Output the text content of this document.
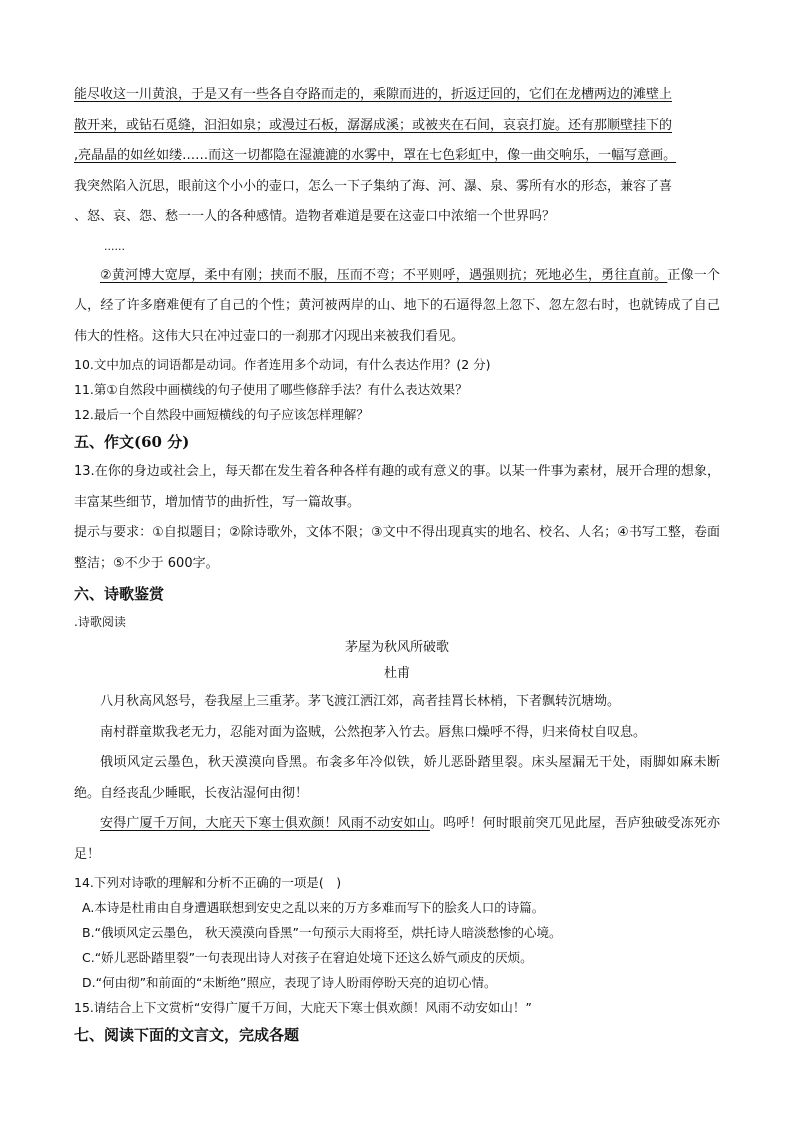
能尽收这一川黄浪，于是又有一些各自夺路而走的，乘隙而进的，折返迂回的，它们在龙槽两边的滩壁上

散开来，或钻石觅缝，汩汩如泉；或漫过石板，潺潺成溪；或被夹在石间，哀哀打旋。还有那顺壁挂下的

,亮晶晶的如丝如缕……而这一切都隐在湿漉漉的水雾中，罩在七色彩虹中，像一曲交响乐，一幅写意画。

我突然陷入沉思，眼前这个小小的壶口，怎么一下子集纳了海、河、瀑、泉、雾所有水的形态，兼容了喜

、怒、哀、怨、愁一一人的各种感情。造物者难道是要在这壶口中浓缩一个世界吗？

......

②黄河博大宽厚，柔中有刚；挟而不服，压而不弯；不平则呼，遇强则抗；死地必生，勇往直前。正像一个人，经了许多磨难便有了自己的个性；黄河被两岸的山、地下的石逼得忽上忽下、忽左忽右时，也就铸成了自己伟大的性格。这伟大只在冲过壶口的一刹那才闪现出来被我们看见。

10.文中加点的词语都是动词。作者连用多个动词，有什么表达作用？(2 分)

11.第①自然段中画横线的句子使用了哪些修辞手法？有什么表达效果？

12.最后一个自然段中画短横线的句子应该怎样理解？

五、作文(60 分)

13.在你的身边或社会上，每天都在发生着各种各样有趣的或有意义的事。以某一件事为素材，展开合理的想象，丰富某些细节，增加情节的曲折性，写一篇故事。

提示与要求：①自拟题目；②除诗歌外，文体不限；③文中不得出现真实的地名、校名、人名；④书写工整，卷面整洁；⑤不少于 600字。

六、诗歌鉴赏

.诗歌阅读

茅屋为秋风所破歌

杜甫

八月秋高风怒号，卷我屋上三重茅。茅飞渡江洒江郊，高者挂罥长林梢，下者飘转沉塘坳。

南村群童欺我老无力，忍能对面为盗贼，公然抱茅入竹去。唇焦口燥呼不得，归来倚杖自叹息。

俄顷风定云墨色，秋天漠漠向昏黑。布衾多年冷似铁，娇儿恶卧踏里裂。床头屋漏无干处，雨脚如麻未断绝。自经丧乱少睡眠，长夜沾湿何由彻！

安得广厦千万间，大庇天下寒士俱欢颜！风雨不动安如山。呜呼！何时眼前突兀见此屋，吾庐独破受冻死亦足！

14.下列对诗歌的理解和分析不正确的一项是(　)

A.本诗是杜甫由自身遭遇联想到安史之乱以来的万方多难而写下的脍炙人口的诗篇。

B.“俄顷风定云墨色， 秋天漠漠向昏黑”一句预示大雨将至，烘托诗人暗淡愁惨的心境。

C.“娇儿恶卧踏里裂”一句表现出诗人对孩子在窘迫处境下还这么娇气顽皮的厌烦。

D.“何由彻”和前面的“未断绝”照应，表现了诗人盼雨停盼天亮的迫切心情。

15.请结合上下文赏析“安得广厦千万间，大庇天下寒士俱欢颜！风雨不动安如山！”

七、阅读下面的文言文，完成各题
